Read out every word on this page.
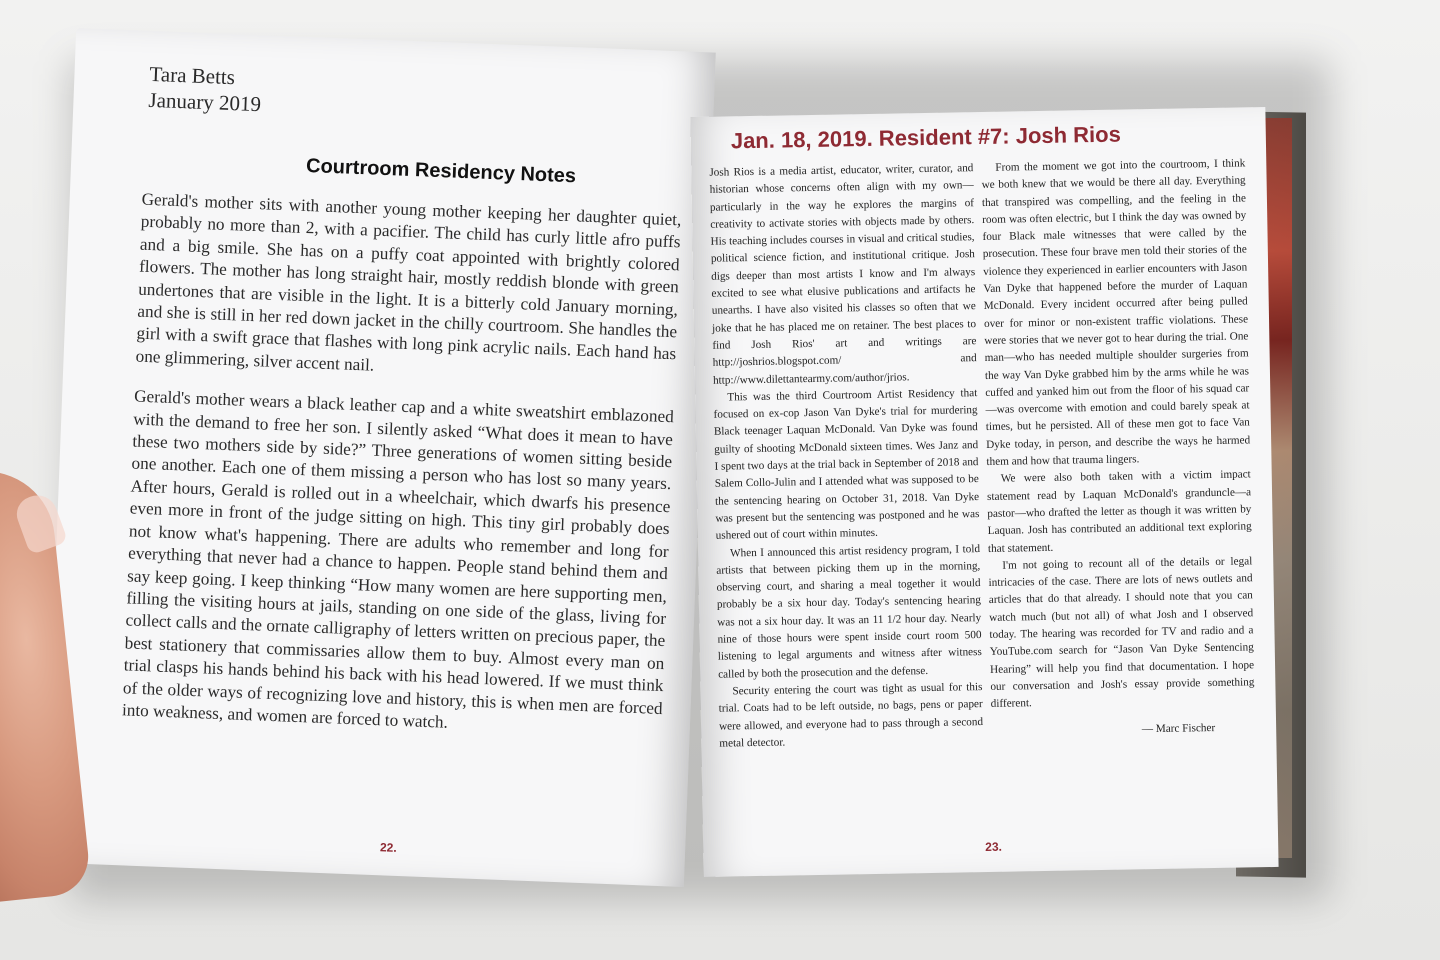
Tara Betts
January 2019
Courtroom Residency Notes

Gerald's mother sits with another young mother keeping her daughter quiet, probably no more than 2, with a pacifier. The child has curly little afro puffs and a big smile. She has on a puffy coat appointed with brightly colored flowers. The mother has long straight hair, mostly reddish blonde with green undertones that are visible in the light. It is a bitterly cold January morning, and she is still in her red down jacket in the chilly courtroom. She handles the girl with a swift grace that flashes with long pink acrylic nails. Each hand has one glimmering, silver accent nail.

Gerald's mother wears a black leather cap and a white sweatshirt emblazoned with the demand to free her son. I silently asked “What does it mean to have these two mothers side by side?” Three generations of women sitting beside one another. Each one of them missing a person who has lost so many years. After hours, Gerald is rolled out in a wheelchair, which dwarfs his presence even more in front of the judge sitting on high. This tiny girl probably does not know what's happening. There are adults who remember and long for everything that never had a chance to happen. People stand behind them and say keep going. I keep thinking “How many women are here supporting men, filling the visiting hours at jails, standing on one side of the glass, living for collect calls and the ornate calligraphy of letters written on precious paper, the best stationery that commissaries allow them to buy. Almost every man on trial clasps his hands behind his back with his head lowered. If we must think of the older ways of recognizing love and history, this is when men are forced into weakness, and women are forced to watch.

22.
Jan. 18, 2019. Resident #7: Josh Rios

Josh Rios is a media artist, educator, writer, curator, and historian whose concerns often align with my own—particularly in the way he explores the margins of creativity to activate stories with objects made by others. His teaching includes courses in visual and critical studies, political science fiction, and institutional critique. Josh digs deeper than most artists I know and I'm always excited to see what elusive publications and artifacts he unearths. I have also visited his classes so often that we joke that he has placed me on retainer. The best places to find Josh Rios' art and writings are http://joshrios.blogspot.com/ and http://www.dilettantearmy.com/author/jrios.

This was the third Courtroom Artist Residency that focused on ex-cop Jason Van Dyke's trial for murdering Black teenager Laquan McDonald. Van Dyke was found guilty of shooting McDonald sixteen times. Wes Janz and I spent two days at the trial back in September of 2018 and Salem Collo-Julin and I attended what was supposed to be the sentencing hearing on October 31, 2018. Van Dyke was present but the sentencing was postponed and he was ushered out of court within minutes.

When I announced this artist residency program, I told artists that between picking them up in the morning, observing court, and sharing a meal together it would probably be a six hour day. Today's sentencing hearing was not a six hour day. It was an 11 1/2 hour day. Nearly nine of those hours were spent inside court room 500 listening to legal arguments and witness after witness called by both the prosecution and the defense.

Security entering the court was tight as usual for this trial. Coats had to be left outside, no bags, pens or paper were allowed, and everyone had to pass through a second metal detector.

From the moment we got into the courtroom, I think we both knew that we would be there all day. Everything that transpired was compelling, and the feeling in the room was often electric, but I think the day was owned by four Black male witnesses that were called by the prosecution. These four brave men told their stories of the violence they experienced in earlier encounters with Jason Van Dyke that happened before the murder of Laquan McDonald. Every incident occurred after being pulled over for minor or non-existent traffic violations. These were stories that we never got to hear during the trial. One man—who has needed multiple shoulder surgeries from the way Van Dyke grabbed him by the arms while he was cuffed and yanked him out from the floor of his squad car—was overcome with emotion and could barely speak at times, but he persisted. All of these men got to face Van Dyke today, in person, and describe the ways he harmed them and how that trauma lingers.

We were also both taken with a victim impact statement read by Laquan McDonald's granduncle—a pastor—who drafted the letter as though it was written by Laquan. Josh has contributed an additional text exploring that statement.

I'm not going to recount all of the details or legal intricacies of the case. There are lots of news outlets and articles that do that already. I should note that you can watch much (but not all) of what Josh and I observed today. The hearing was recorded for TV and radio and a YouTube.com search for “Jason Van Dyke Sentencing Hearing” will help you find that documentation. I hope our conversation and Josh's essay provide something different.

— Marc Fischer

23.
